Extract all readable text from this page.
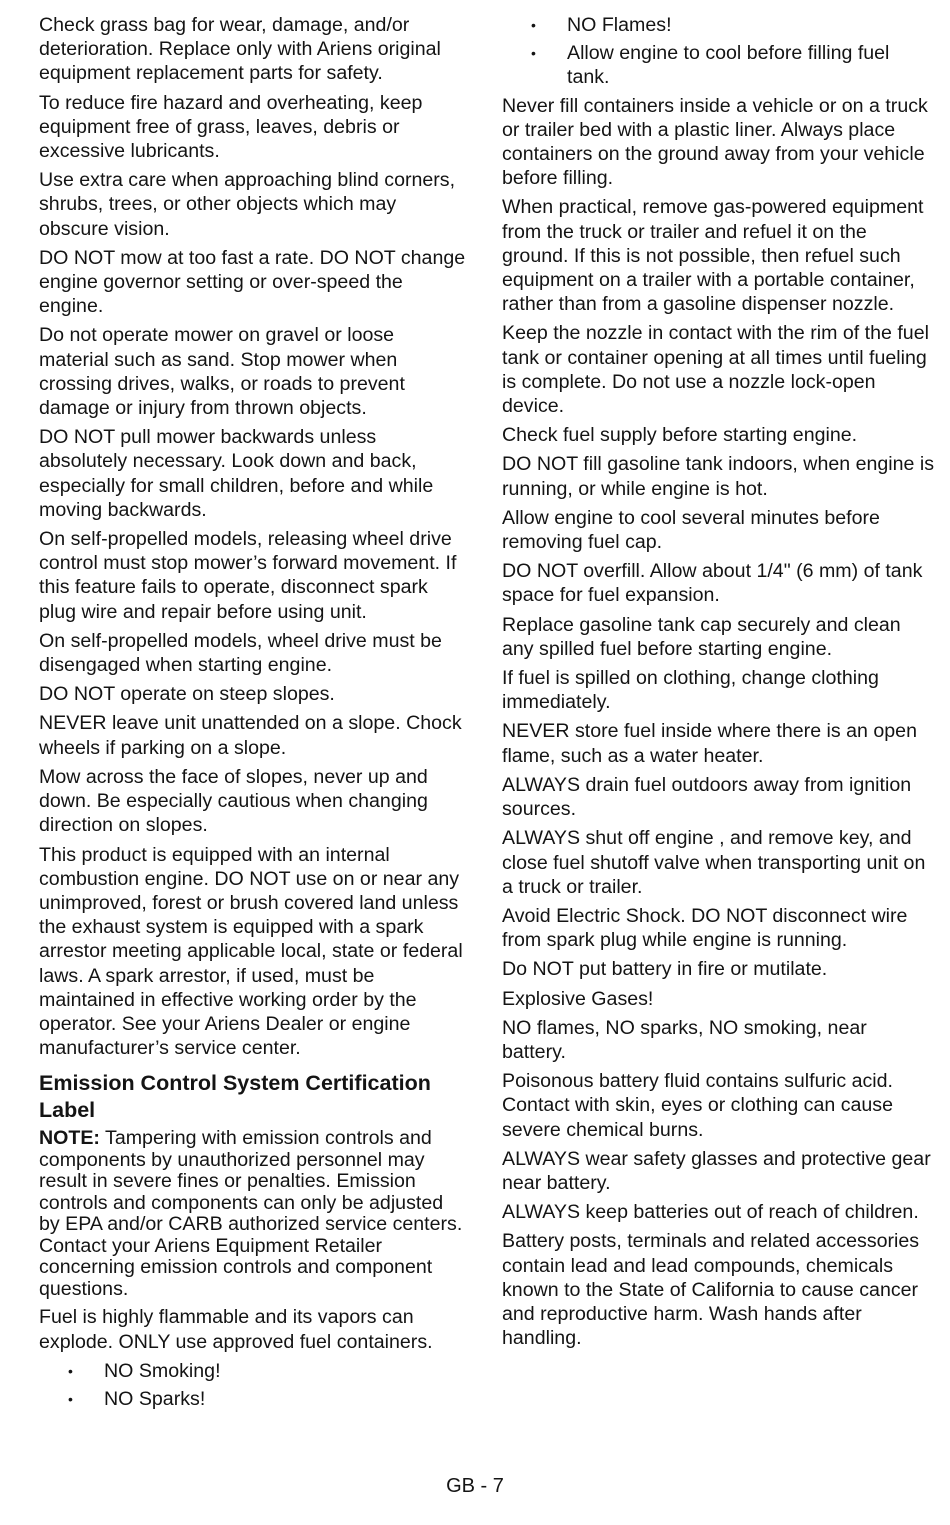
Check grass bag for wear, damage, and/or deterioration. Replace only with Ariens original equipment replacement parts for safety.

To reduce fire hazard and overheating, keep equipment free of grass, leaves, debris or excessive lubricants.

Use extra care when approaching blind corners, shrubs, trees, or other objects which may obscure vision.

DO NOT mow at too fast a rate. DO NOT change engine governor setting or over-speed the engine.

Do not operate mower on gravel or loose material such as sand. Stop mower when crossing drives, walks, or roads to prevent damage or injury from thrown objects.

DO NOT pull mower backwards unless absolutely necessary. Look down and back, especially for small children, before and while moving backwards.

On self-propelled models, releasing wheel drive control must stop mower’s forward movement. If this feature fails to operate, disconnect spark plug wire and repair before using unit.

On self-propelled models, wheel drive must be disengaged when starting engine.

DO NOT operate on steep slopes.

NEVER leave unit unattended on a slope. Chock wheels if parking on a slope.

Mow across the face of slopes, never up and down. Be especially cautious when changing direction on slopes.

This product is equipped with an internal combustion engine. DO NOT use on or near any unimproved, forest or brush covered land unless the exhaust system is equipped with a spark arrestor meeting applicable local, state or federal laws. A spark arrestor, if used, must be maintained in effective working order by the operator. See your Ariens Dealer or engine manufacturer’s service center.

Emission Control System Certification Label

NOTE: Tampering with emission controls and components by unauthorized personnel may result in severe fines or penalties. Emission controls and components can only be adjusted by EPA and/or CARB authorized service centers. Contact your Ariens Equipment Retailer concerning emission controls and component questions.

Fuel is highly flammable and its vapors can explode. ONLY use approved fuel containers.

• NO Smoking!
• NO Sparks!
• NO Flames!
• Allow engine to cool before filling fuel tank.

Never fill containers inside a vehicle or on a truck or trailer bed with a plastic liner. Always place containers on the ground away from your vehicle before filling.

When practical, remove gas-powered equipment from the truck or trailer and refuel it on the ground. If this is not possible, then refuel such equipment on a trailer with a portable container, rather than from a gasoline dispenser nozzle.

Keep the nozzle in contact with the rim of the fuel tank or container opening at all times until fueling is complete. Do not use a nozzle lock-open device.

Check fuel supply before starting engine.

DO NOT fill gasoline tank indoors, when engine is running, or while engine is hot.

Allow engine to cool several minutes before removing fuel cap.

DO NOT overfill. Allow about 1/4" (6 mm) of tank space for fuel expansion.

Replace gasoline tank cap securely and clean any spilled fuel before starting engine.

If fuel is spilled on clothing, change clothing immediately.

NEVER store fuel inside where there is an open flame, such as a water heater.

ALWAYS drain fuel outdoors away from ignition sources.

ALWAYS shut off engine , and remove key, and close fuel shutoff valve when transporting unit on a truck or trailer.

Avoid Electric Shock. DO NOT disconnect wire from spark plug while engine is running.

Do NOT put battery in fire or mutilate.

Explosive Gases!

NO flames, NO sparks, NO smoking, near battery.

Poisonous battery fluid contains sulfuric acid. Contact with skin, eyes or clothing can cause severe chemical burns.

ALWAYS wear safety glasses and protective gear near battery.

ALWAYS keep batteries out of reach of children.

Battery posts, terminals and related accessories contain lead and lead compounds, chemicals known to the State of California to cause cancer and reproductive harm. Wash hands after handling.

GB - 7
